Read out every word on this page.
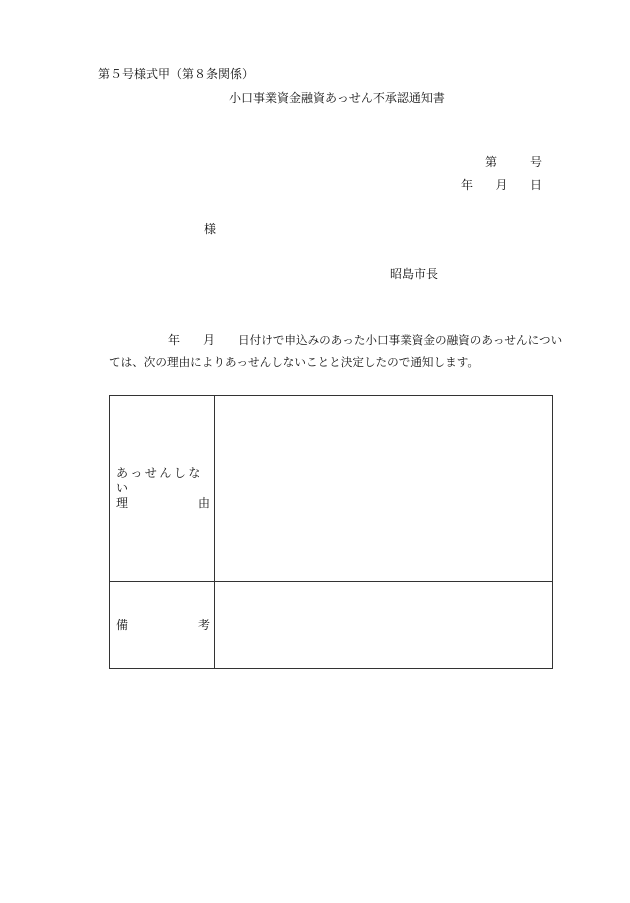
第５号様式甲（第８条関係）
小口事業資金融資あっせん不承認通知書
第	号
年 月 日
様
昭島市長
年 月 日付けで申込みのあった小口事業資金の融資のあっせんについ
ては、次の理由によりあっせんしないことと決定したので通知します。
あっせんしない
理 由	

備 考	
